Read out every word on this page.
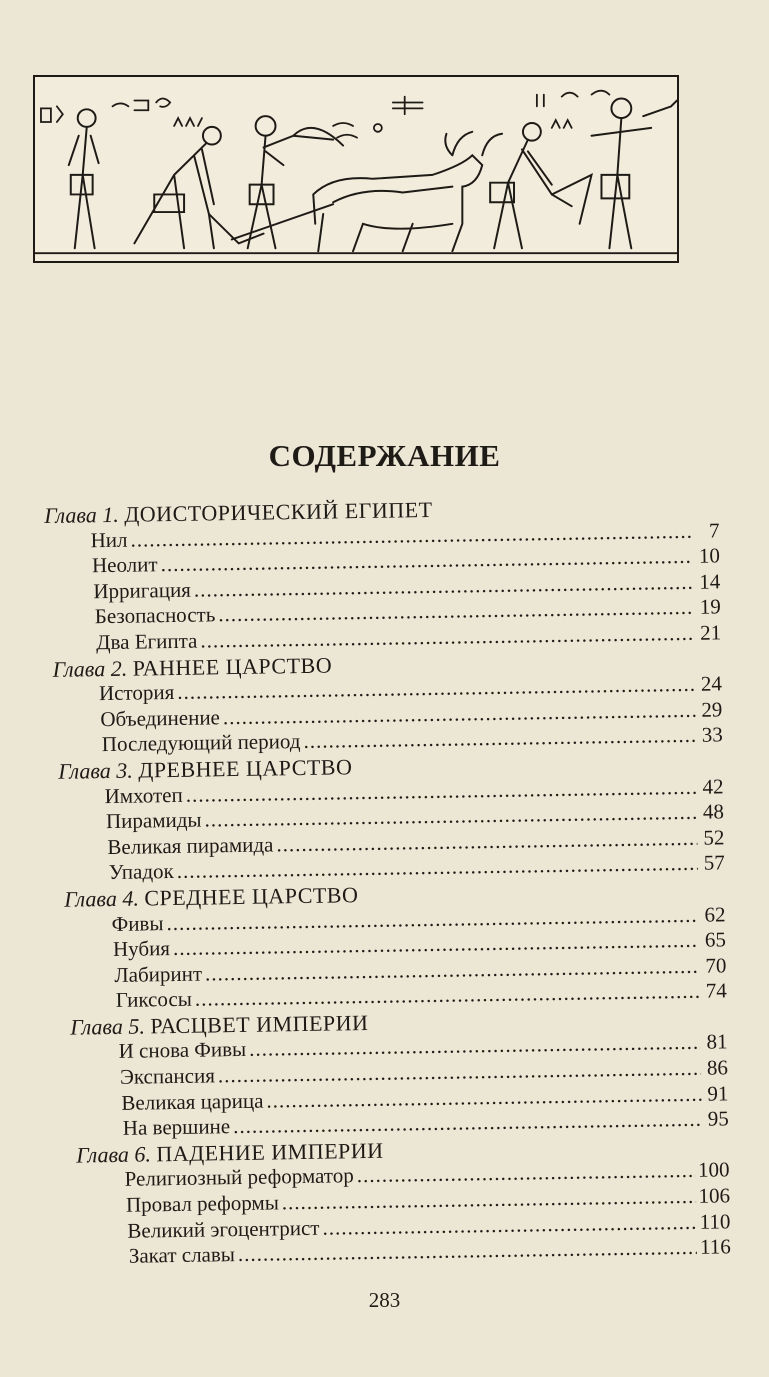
СОДЕРЖАНИЕ
Глава 1. ДОИСТОРИЧЕСКИЙ ЕГИПЕТ
Нил .....	7
Неолит .....	10
Ирригация .....	14
Безопасность .....	19
Два Египта .....	21
Глава 2. РАННЕЕ ЦАРСТВО
История .....	24
Объединение .....	29
Последующий период .....	33
Глава 3. ДРЕВНЕЕ ЦАРСТВО
Имхотеп .....	42
Пирамиды .....	48
Великая пирамида .....	52
Упадок .....	57
Глава 4. СРЕДНЕЕ ЦАРСТВО
Фивы .....	62
Нубия .....	65
Лабиринт .....	70
Гиксосы .....	74
Глава 5. РАСЦВЕТ ИМПЕРИИ
И снова Фивы .....	81
Экспансия .....	86
Великая царица .....	91
На вершине .....	95
Глава 6. ПАДЕНИЕ ИМПЕРИИ
Религиозный реформатор .....	100
Провал реформы .....	106
Великий эгоцентрист .....	110
Закат славы .....	116
283
